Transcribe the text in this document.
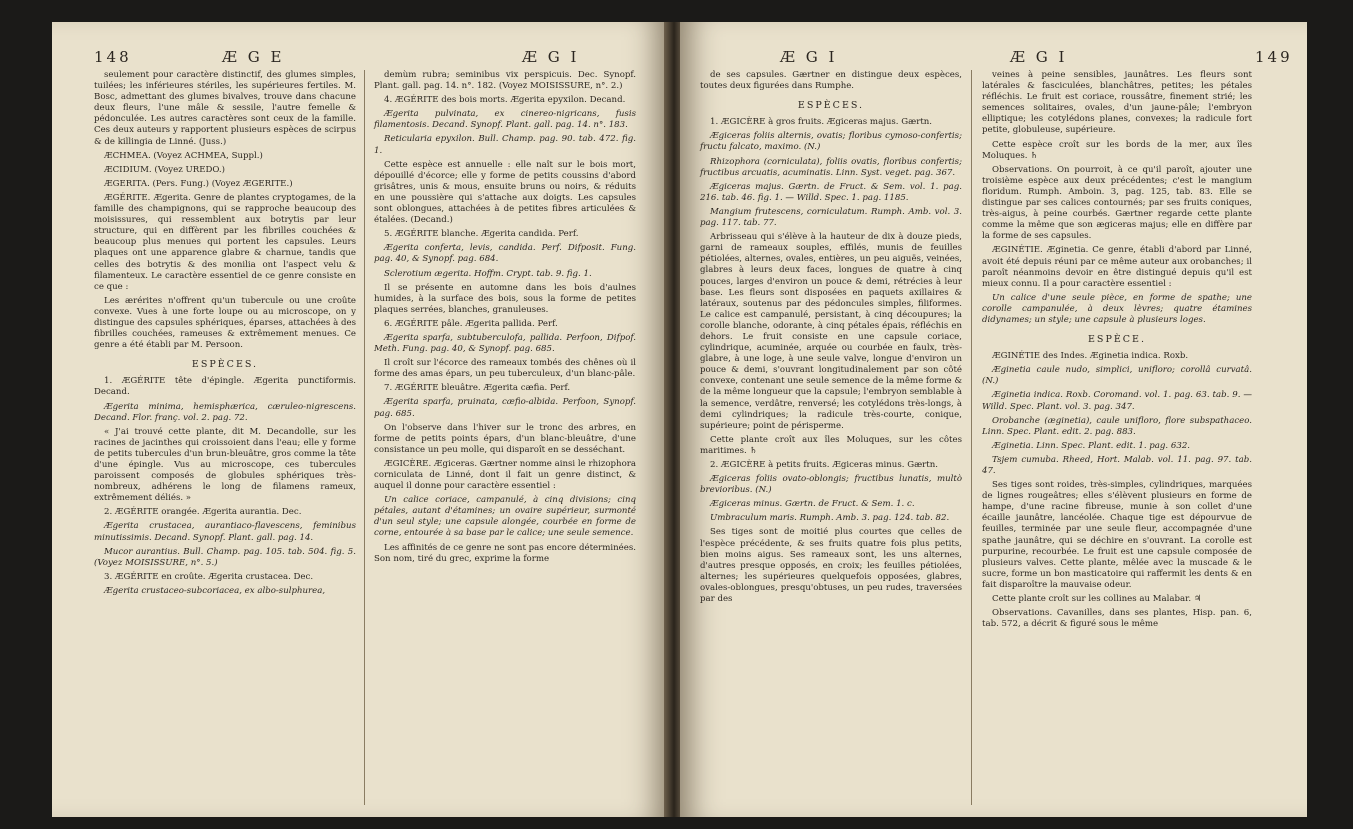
148	Æ G E	Æ G I

seulement pour caractère distinctif, des glumes simples, tuilées; les inférieures stériles, les supérieures fertiles. M. Bosc, admettant des glumes bivalves, trouve dans chacune deux fleurs, l'une mâle & sessile, l'autre femelle & pédonculée. Les autres caractères sont ceux de la famille. Ces deux auteurs y rapportent plusieurs espèces de scirpus & de killingia de Linné. (Juss.)

ÆCHMEA. (Voyez ACHMEA, Suppl.)

ÆCIDIUM. (Voyez UREDO.)

ÆGERITA. (Pers. Fung.) (Voyez ÆGERITE.)

ÆGÉRITE. Ægerita. Genre de plantes cryptogames, de la famille des champignons, qui se rapproche beaucoup des moisissures, qui ressemblent aux botrytis par leur structure, qui en diffèrent par les fibrilles couchées & beaucoup plus menues qui portent les capsules. Leurs plaques ont une apparence glabre & charnue, tandis que celles des botrytis & des monilia ont l'aspect velu & filamenteux. Le caractère essentiel de ce genre consiste en ce que :

Les ærérites n'offrent qu'un tubercule ou une croûte convexe. Vues à une forte loupe ou au microscope, on y distingue des capsules sphériques, éparses, attachées à des fibrilles couchées, rameuses & extrêmement menues. Ce genre a été établi par M. Persoon.

ESPÈCES.

1. ÆGÉRITE tête d'épingle. Ægerita punctiformis. Decand.

Ægerita minima, hemisphærica, cæruleo-nigrescens. Decand. Flor. franç. vol. 2. pag. 72.

« J'ai trouvé cette plante, dit M. Decandolle, sur les racines de jacinthes qui croissoient dans l'eau; elle y forme de petits tubercules d'un brun-bleuâtre, gros comme la tête d'une épingle. Vus au microscope, ces tubercules paroissent composés de globules sphériques très-nombreux, adhérens le long de filamens rameux, extrêmement déliés. »

2. ÆGÉRITE orangée. Ægerita aurantia. Dec.

Ægerita crustacea, aurantiaco-flavescens, feminibus minutissimis. Decand. Synopf. Plant. gall. pag. 14.

Mucor aurantius. Bull. Champ. pag. 105. tab. 504. fig. 5. (Voyez MOISISSURE, n°. 5.)

3. ÆGÉRITE en croûte. Ægerita crustacea. Dec.

Ægerita crustaceo-subcoriacea, ex albo-sulphurea,

demùm rubra; seminibus vix perspicuis. Dec. Synopf. Plant. gall. pag. 14. n°. 182. (Voyez MOISISSURE, n°. 2.)

4. ÆGÉRITE des bois morts. Ægerita epyxilon. Decand.

Ægerita pulvinata, ex cinereo-nigricans, fusis filamentosis. Decand. Synopf. Plant. gall. pag. 14. n°. 183.

Reticularia epyxilon. Bull. Champ. pag. 90. tab. 472. fig. 1.

Cette espèce est annuelle : elle naît sur le bois mort, dépouillé d'écorce; elle y forme de petits coussins d'abord grisâtres, unis & mous, ensuite bruns ou noirs, & réduits en une poussière qui s'attache aux doigts. Les capsules sont oblongues, attachées à de petites fibres articulées & étalées. (Decand.)

5. ÆGÉRITE blanche. Ægerita candida. Perf.

Ægerita conferta, levis, candida. Perf. Difposit. Fung. pag. 40, & Synopf. pag. 684.

Sclerotium ægerita. Hoffm. Crypt. tab. 9. fig. 1.

Il se présente en automne dans les bois d'aulnes humides, à la surface des bois, sous la forme de petites plaques serrées, blanches, granuleuses.

6. ÆGÉRITE pâle. Ægerita pallida. Perf.

Ægerita sparfa, subtuberculofa, pallida. Perfoon, Difpof. Meth. Fung. pag. 40, & Synopf. pag. 685.

Il croît sur l'écorce des rameaux tombés des chênes où il forme des amas épars, un peu tuberculeux, d'un blanc-pâle.

7. ÆGÉRITE bleuâtre. Ægerita cæfia. Perf.

Ægerita sparfa, pruinata, cæfio-albida. Perfoon, Synopf. pag. 685.

On l'observe dans l'hiver sur le tronc des arbres, en forme de petits points épars, d'un blanc-bleuâtre, d'une consistance un peu molle, qui disparoît en se desséchant.

ÆGICÈRE. Ægiceras. Gærtner nomme ainsi le rhizophora corniculata de Linné, dont il fait un genre distinct, & auquel il donne pour caractère essentiel :

Un calice coriace, campanulé, à cinq divisions; cinq pétales, autant d'étamines; un ovaire supérieur, surmonté d'un seul style; une capsule alongée, courbée en forme de corne, entourée à sa base par le calice; une seule semence.

Les affinités de ce genre ne sont pas encore déterminées. Son nom, tiré du grec, exprime la forme

Æ G I	Æ G I	149

de ses capsules. Gærtner en distingue deux espèces, toutes deux figurées dans Rumphe.

ESPÈCES.

1. ÆGICÈRE à gros fruits. Ægiceras majus. Gærtn.

Ægiceras foliis alternis, ovatis; floribus cymoso-confertis; fructu falcato, maximo. (N.)

Rhizophora (corniculata), foliis ovatis, floribus confertis; fructibus arcuatis, acuminatis. Linn. Syst. veget. pag. 367.

Ægiceras majus. Gærtn. de Fruct. & Sem. vol. 1. pag. 216. tab. 46. fig. 1. — Willd. Spec. 1. pag. 1185.

Mangium frutescens, corniculatum. Rumph. Amb. vol. 3. pag. 117. tab. 77.

Arbrisseau qui s'élève à la hauteur de dix à douze pieds, garni de rameaux souples, effilés, munis de feuilles pétiolées, alternes, ovales, entières, un peu aiguës, veinées, glabres à leurs deux faces, longues de quatre à cinq pouces, larges d'environ un pouce & demi, rétrécies à leur base. Les fleurs sont disposées en paquets axillaires & latéraux, soutenus par des pédoncules simples, filiformes. Le calice est campanulé, persistant, à cinq découpures; la corolle blanche, odorante, à cinq pétales épais, réfléchis en dehors. Le fruit consiste en une capsule coriace, cylindrique, acuminée, arquée ou courbée en faulx, très-glabre, à une loge, à une seule valve, longue d'environ un pouce & demi, s'ouvrant longitudinalement par son côté convexe, contenant une seule semence de la même forme & de la même longueur que la capsule; l'embryon semblable à la semence, verdâtre, renversé; les cotylédons très-longs, à demi cylindriques; la radicule très-courte, conique, supérieure; point de périsperme.

Cette plante croît aux îles Moluques, sur les côtes maritimes. ♄

2. ÆGICÈRE à petits fruits. Ægiceras minus. Gærtn.

Ægiceras foliis ovato-oblongis; fructibus lunatis, multò brevioribus. (N.)

Ægiceras minus. Gærtn. de Fruct. & Sem. 1. c.

Umbraculum maris. Rumph. Amb. 3. pag. 124. tab. 82.

Ses tiges sont de moitié plus courtes que celles de l'espèce précédente, & ses fruits quatre fois plus petits, bien moins aigus. Ses rameaux sont, les uns alternes, d'autres presque opposés, en croix; les feuilles pétiolées, alternes; les supérieures quelquefois opposées, glabres, ovales-oblongues, presqu'obtuses, un peu rudes, traversées par des

veines à peine sensibles, jaunâtres. Les fleurs sont latérales & fasciculées, blanchâtres, petites; les pétales réfléchis. Le fruit est coriace, roussâtre, finement strié; les semences solitaires, ovales, d'un jaune-pâle; l'embryon elliptique; les cotylédons planes, convexes; la radicule fort petite, globuleuse, supérieure.

Cette espèce croît sur les bords de la mer, aux îles Moluques. ♄

Observations. On pourroit, à ce qu'il paroît, ajouter une troisième espèce aux deux précédentes; c'est le mangium floridum. Rumph. Amboin. 3, pag. 125, tab. 83. Elle se distingue par ses calices contournés; par ses fruits coniques, très-aigus, à peine courbés. Gærtner regarde cette plante comme la même que son ægiceras majus; elle en diffère par la forme de ses capsules.

ÆGINÉTIE. Æginetia. Ce genre, établi d'abord par Linné, avoit été depuis réuni par ce même auteur aux orobanches; il paroît néanmoins devoir en être distingué depuis qu'il est mieux connu. Il a pour caractère essentiel :

Un calice d'une seule pièce, en forme de spathe; une corolle campanulée, à deux lèvres; quatre étamines didynames; un style; une capsule à plusieurs loges.

ESPÈCE.

ÆGINÉTIE des Indes. Æginetia indica. Roxb.

Æginetia caule nudo, simplici, unifloro; corollâ curvatâ. (N.)

Æginetia indica. Roxb. Coromand. vol. 1. pag. 63. tab. 9. — Willd. Spec. Plant. vol. 3. pag. 347.

Orobanche (æginetia), caule unifloro, flore subspathaceo. Linn. Spec. Plant. edit. 2. pag. 883.

Æginetia. Linn. Spec. Plant. edit. 1. pag. 632.

Tsjem cumuba. Rheed, Hort. Malab. vol. 11. pag. 97. tab. 47.

Ses tiges sont roides, très-simples, cylindriques, marquées de lignes rougeâtres; elles s'élèvent plusieurs en forme de hampe, d'une racine fibreuse, munie à son collet d'une écaille jaunâtre, lancéolée. Chaque tige est dépourvue de feuilles, terminée par une seule fleur, accompagnée d'une spathe jaunâtre, qui se déchire en s'ouvrant. La corolle est purpurine, recourbée. Le fruit est une capsule composée de plusieurs valves. Cette plante, mêlée avec la muscade & le sucre, forme un bon masticatoire qui raffermit les dents & en fait disparoître la mauvaise odeur.

Cette plante croît sur les collines au Malabar. ♃

Observations. Cavanilles, dans ses plantes, Hisp. pan. 6, tab. 572, a décrit & figuré sous le même
